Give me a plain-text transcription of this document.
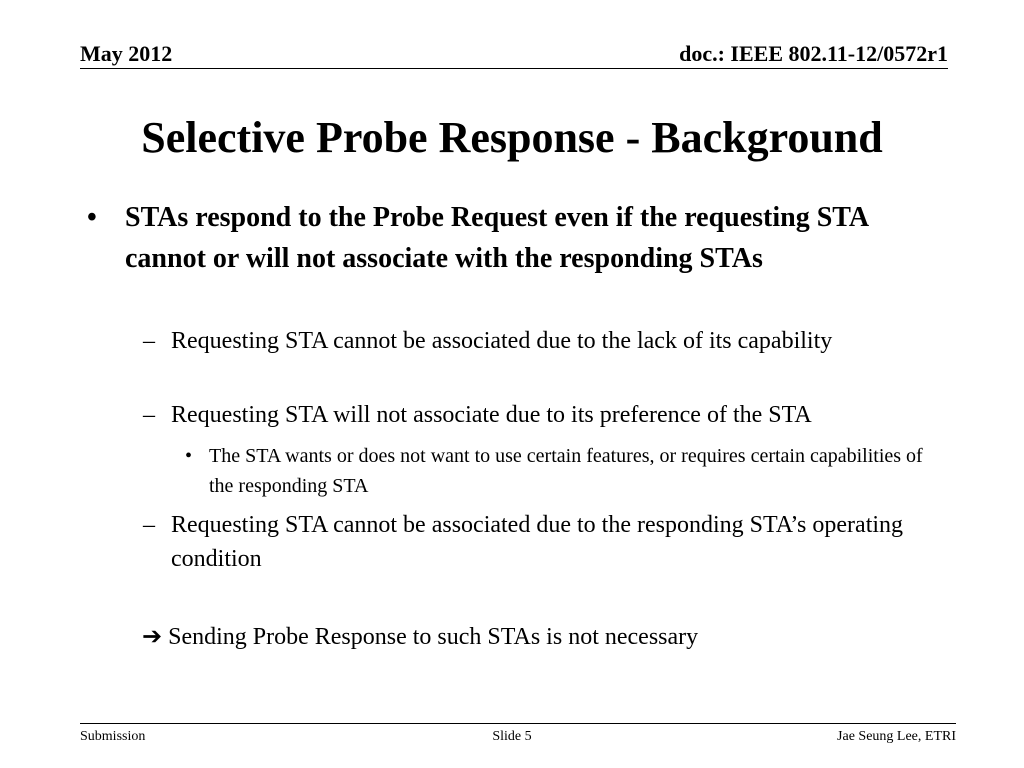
May 2012	doc.: IEEE 802.11-12/0572r1
Selective Probe Response - Background
• STAs respond to the Probe Request even if the requesting STA cannot or will not associate with the responding STAs
– Requesting STA cannot be associated due to the lack of its capability
– Requesting STA will not associate due to its preference of the STA
• The STA wants or does not want to use certain features, or requires certain capabilities of the responding STA
– Requesting STA cannot be associated due to the responding STA’s operating condition
➔ Sending Probe Response to such STAs is not necessary
Submission	Slide 5	Jae Seung Lee, ETRI
